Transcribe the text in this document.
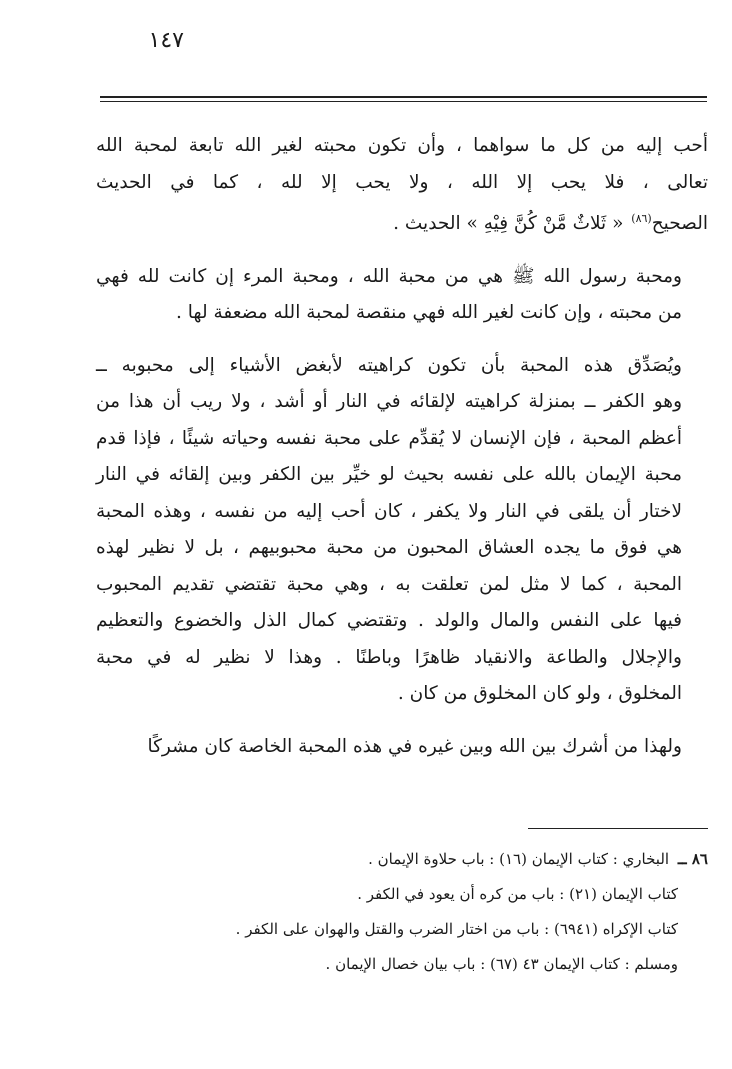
١٤٧
أحب إليه من كل ما سواهما ، وأن تكون محبته لغير الله تابعة لمحبة الله
تعالى ، فلا يحب إلا الله ، ولا يحب إلا لله ، كما في الحديث
الصحيح$^{(٨٦)}$ « ثَلاثٌ مَّنْ كُنَّ فِيْهِ » الحديث .
ومحبة رسول الله ﷺ هي من محبة الله ، ومحبة المرء إن كانت لله فهي
من محبته ، وإن كانت لغير الله فهي منقصة لمحبة الله مضعفة لها .
ويُصَدِّق هذه المحبة بأن تكون كراهيته لأبغض الأشياء إلى محبوبه ــ
وهو الكفر ــ بمنزلة كراهيته لإلقائه في النار أو أشد ، ولا ريب أن هذا من
أعظم المحبة ، فإن الإنسان لا يُقدِّم على محبة نفسه وحياته شيئًا ، فإذا قدم
محبة الإيمان بالله على نفسه بحيث لو خيِّر بين الكفر وبين إلقائه في النار
لاختار أن يلقى في النار ولا يكفر ، كان أحب إليه من نفسه ، وهذه المحبة
هي فوق ما يجده العشاق المحبون من محبة محبوبيهم ، بل لا نظير لهذه
المحبة ، كما لا مثل لمن تعلقت به ، وهي محبة تقتضي تقديم المحبوب
فيها على النفس والمال والولد . وتقتضي كمال الذل والخضوع والتعظيم
والإجلال والطاعة والانقياد ظاهرًا وباطنًا . وهذا لا نظير له في محبة
المخلوق ، ولو كان المخلوق من كان .
ولهذا من أشرك بين الله وبين غيره في هذه المحبة الخاصة كان مشركًا
٨٦ ــ البخاري : كتاب الإيمان (١٦) : باب حلاوة الإيمان .
كتاب الإيمان (٢١) : باب من كره أن يعود في الكفر .
كتاب الإكراه (٦٩٤١) : باب من اختار الضرب والقتل والهوان على الكفر .
ومسلم : كتاب الإيمان ٤٣ (٦٧) : باب بيان خصال الإيمان .
